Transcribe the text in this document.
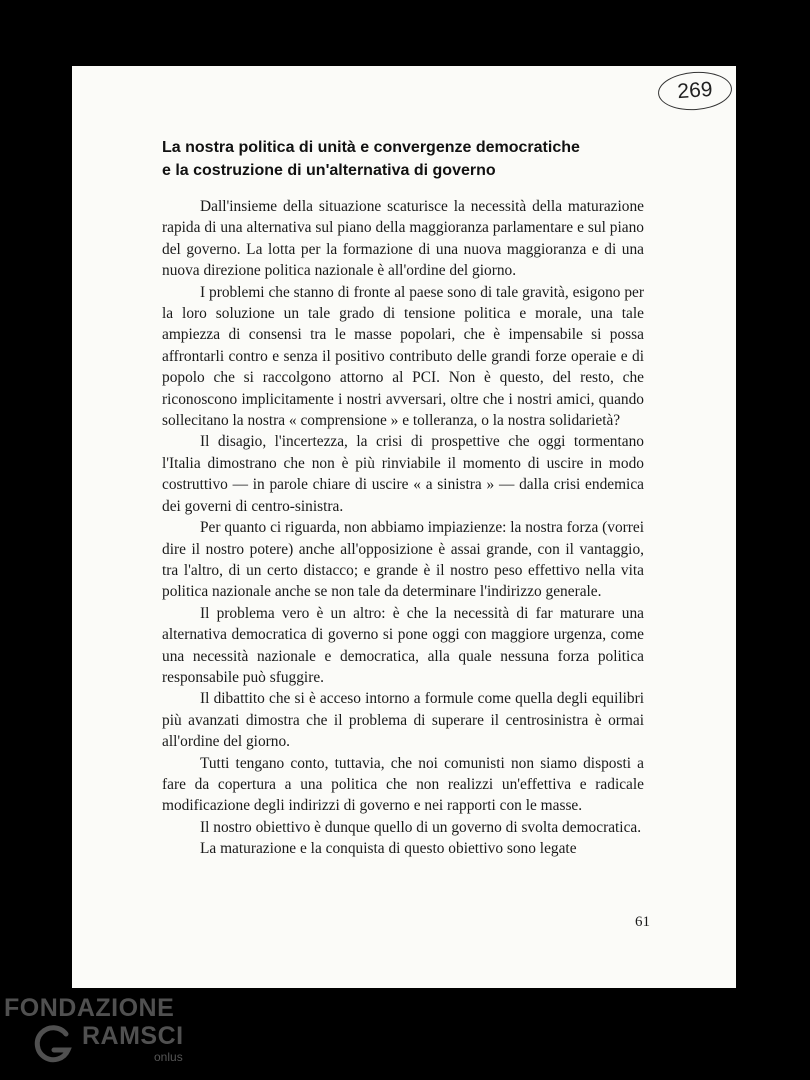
269
La nostra politica di unità e convergenze democratiche
e la costruzione di un'alternativa di governo

Dall'insieme della situazione scaturisce la necessità della maturazione rapida di una alternativa sul piano della maggioranza parlamentare e sul piano del governo. La lotta per la formazione di una nuova maggioranza e di una nuova direzione politica nazionale è all'ordine del giorno.

I problemi che stanno di fronte al paese sono di tale gravità, esigono per la loro soluzione un tale grado di tensione politica e morale, una tale ampiezza di consensi tra le masse popolari, che è impensabile si possa affrontarli contro e senza il positivo contributo delle grandi forze operaie e di popolo che si raccolgono attorno al PCI. Non è questo, del resto, che riconoscono implicitamente i nostri avversari, oltre che i nostri amici, quando sollecitano la nostra « comprensione » e tolleranza, o la nostra solidarietà?

Il disagio, l'incertezza, la crisi di prospettive che oggi tormentano l'Italia dimostrano che non è più rinviabile il momento di uscire in modo costruttivo — in parole chiare di uscire « a sinistra » — dalla crisi endemica dei governi di centro-sinistra.

Per quanto ci riguarda, non abbiamo impiazienze: la nostra forza (vorrei dire il nostro potere) anche all'opposizione è assai grande, con il vantaggio, tra l'altro, di un certo distacco; e grande è il nostro peso effettivo nella vita politica nazionale anche se non tale da determinare l'indirizzo generale.

Il problema vero è un altro: è che la necessità di far maturare una alternativa democratica di governo si pone oggi con maggiore urgenza, come una necessità nazionale e democratica, alla quale nessuna forza politica responsabile può sfuggire.

Il dibattito che si è acceso intorno a formule come quella degli equilibri più avanzati dimostra che il problema di superare il centrosinistra è ormai all'ordine del giorno.

Tutti tengano conto, tuttavia, che noi comunisti non siamo disposti a fare da copertura a una politica che non realizzi un'effettiva e radicale modificazione degli indirizzi di governo e nei rapporti con le masse.

Il nostro obiettivo è dunque quello di un governo di svolta democratica.

La maturazione e la conquista di questo obiettivo sono legate

61
FONDAZIONE
RAMSCI
onlus
